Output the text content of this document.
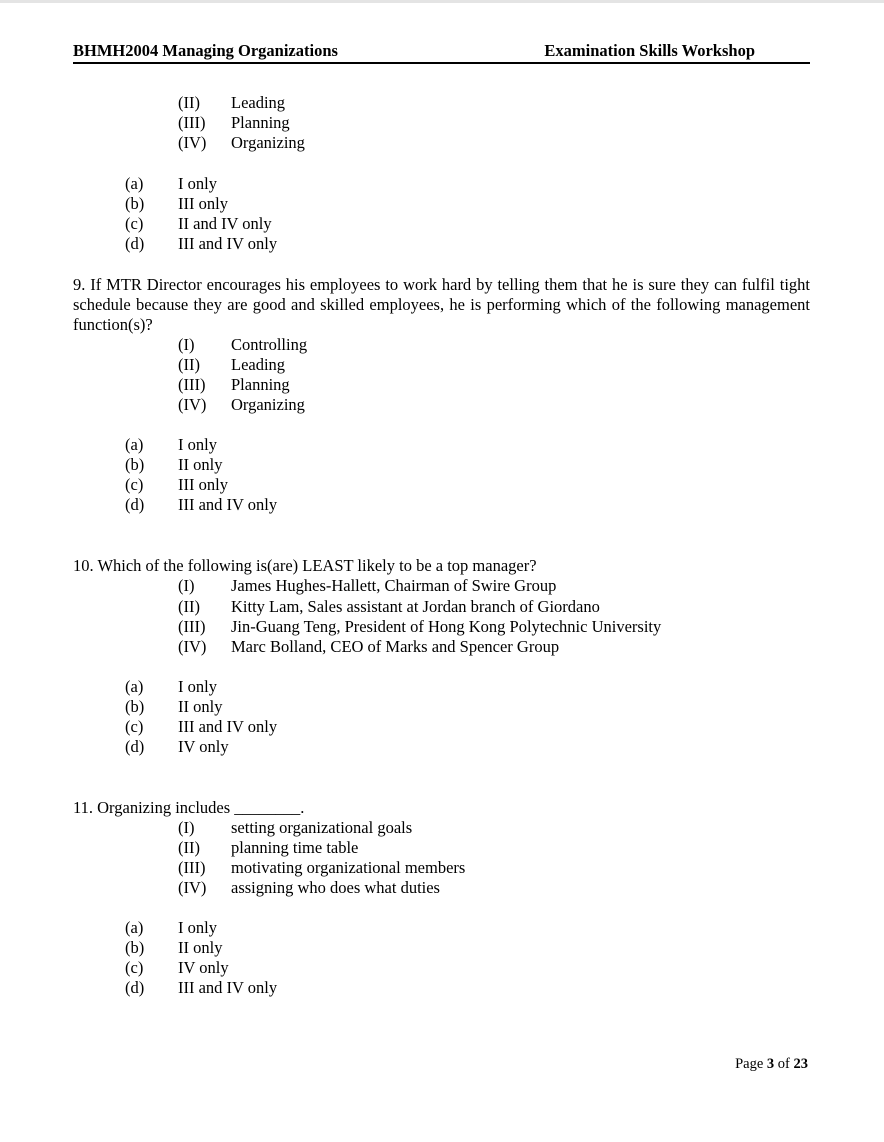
BHMH2004 Managing Organizations	Examination Skills Workshop
(II) Leading
(III) Planning
(IV) Organizing
(a) I only
(b) III only
(c) II and IV only
(d) III and IV only
9. If MTR Director encourages his employees to work hard by telling them that he is sure they can fulfil tight schedule because they are good and skilled employees, he is performing which of the following management function(s)?
(I) Controlling
(II) Leading
(III) Planning
(IV) Organizing
(a) I only
(b) II only
(c) III only
(d) III and IV only
10. Which of the following is(are) LEAST likely to be a top manager?
(I) James Hughes-Hallett, Chairman of Swire Group
(II) Kitty Lam, Sales assistant at Jordan branch of Giordano
(III) Jin-Guang Teng, President of Hong Kong Polytechnic University
(IV) Marc Bolland, CEO of Marks and Spencer Group
(a) I only
(b) II only
(c) III and IV only
(d) IV only
11. Organizing includes ________.
(I) setting organizational goals
(II) planning time table
(III) motivating organizational members
(IV) assigning who does what duties
(a) I only
(b) II only
(c) IV only
(d) III and IV only
Page 3 of 23
